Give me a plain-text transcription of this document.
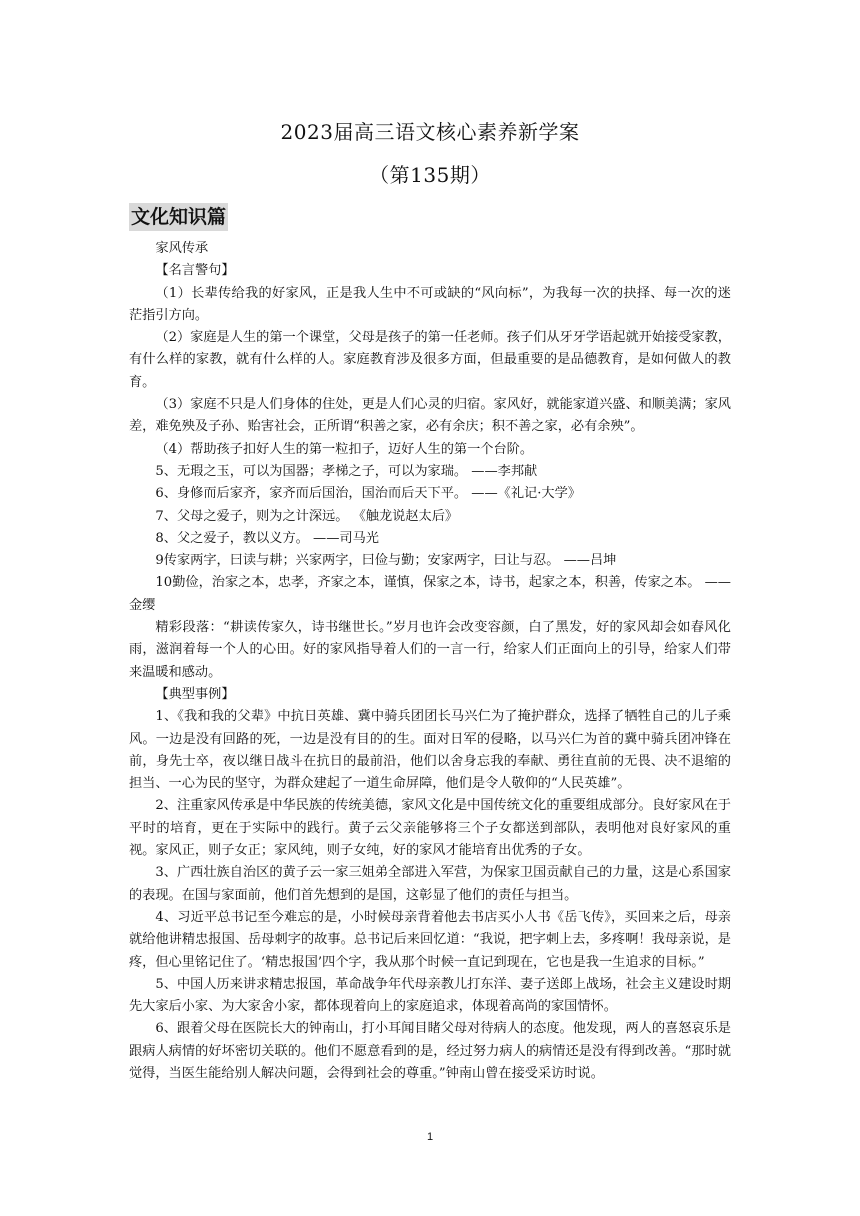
2023届高三语文核心素养新学案
（第135期）
文化知识篇

家风传承

【名言警句】

（1）长辈传给我的好家风，正是我人生中不可或缺的“风向标”，为我每一次的抉择、每一次的迷茫指引方向。

（2）家庭是人生的第一个课堂，父母是孩子的第一任老师。孩子们从牙牙学语起就开始接受家教，有什么样的家教，就有什么样的人。家庭教育涉及很多方面，但最重要的是品德教育，是如何做人的教育。

（3）家庭不只是人们身体的住处，更是人们心灵的归宿。家风好，就能家道兴盛、和顺美满；家风差，难免殃及子孙、贻害社会，正所谓“积善之家，必有余庆；积不善之家，必有余殃”。

（4）帮助孩子扣好人生的第一粒扣子，迈好人生的第一个台阶。

5、无瑕之玉，可以为国器；孝梯之子，可以为家瑞。 ——李邦献

6、身修而后家齐，家齐而后国治，国治而后天下平。 ——《礼记·大学》

7、父母之爱子，则为之计深远。 《触龙说赵太后》

8、父之爱子，教以义方。 ——司马光

9传家两字，曰读与耕；兴家两字，曰俭与勤；安家两字，曰让与忍。 ——吕坤

10勤俭，治家之本，忠孝，齐家之本，谨慎，保家之本，诗书，起家之本，积善，传家之本。 ——金缨

精彩段落：“耕读传家久，诗书继世长。”岁月也许会改变容颜，白了黑发，好的家风却会如春风化雨，滋润着每一个人的心田。好的家风指导着人们的一言一行，给家人们正面向上的引导，给家人们带来温暖和感动。

【典型事例】

1、《我和我的父辈》中抗日英雄、冀中骑兵团团长马兴仁为了掩护群众，选择了牺牲自己的儿子乘风。一边是没有回路的死，一边是没有目的的生。面对日军的侵略，以马兴仁为首的冀中骑兵团冲锋在前，身先士卒，夜以继日战斗在抗日的最前沿，他们以舍身忘我的奉献、勇往直前的无畏、决不退缩的担当、一心为民的坚守，为群众建起了一道生命屏障，他们是令人敬仰的“人民英雄”。

2、注重家风传承是中华民族的传统美德，家风文化是中国传统文化的重要组成部分。良好家风在于平时的培育，更在于实际中的践行。黄子云父亲能够将三个子女都送到部队，表明他对良好家风的重视。家风正，则子女正；家风纯，则子女纯，好的家风才能培育出优秀的子女。

3、广西壮族自治区的黄子云一家三姐弟全部进入军营，为保家卫国贡献自己的力量，这是心系国家的表现。在国与家面前，他们首先想到的是国，这彰显了他们的责任与担当。

4、习近平总书记至今难忘的是，小时候母亲背着他去书店买小人书《岳飞传》，买回来之后，母亲就给他讲精忠报国、岳母刺字的故事。总书记后来回忆道：“我说，把字刺上去，多疼啊！我母亲说，是疼，但心里铭记住了。‘精忠报国’四个字，我从那个时候一直记到现在，它也是我一生追求的目标。”

5、中国人历来讲求精忠报国，革命战争年代母亲教儿打东洋、妻子送郎上战场，社会主义建设时期先大家后小家、为大家舍小家，都体现着向上的家庭追求，体现着高尚的家国情怀。

6、跟着父母在医院长大的钟南山，打小耳闻目睹父母对待病人的态度。他发现，两人的喜怒哀乐是跟病人病情的好坏密切关联的。他们不愿意看到的是，经过努力病人的病情还是没有得到改善。“那时就觉得，当医生能给别人解决问题，会得到社会的尊重。”钟南山曾在接受采访时说。

1
